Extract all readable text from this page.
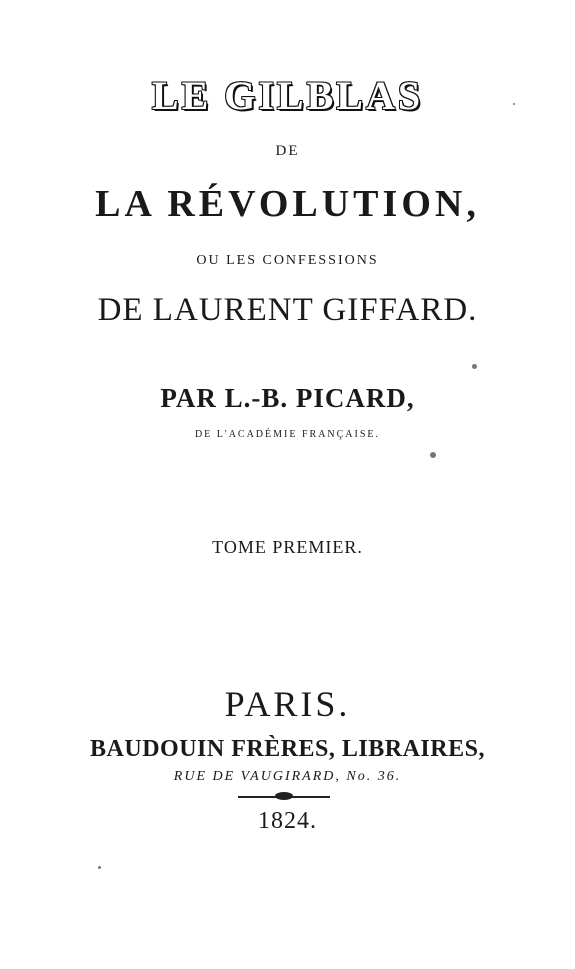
LE GILBLAS
DE
LA RÉVOLUTION,
OU LES CONFESSIONS
DE LAURENT GIFFARD.
PAR L.-B. PICARD,
DE L'ACADÉMIE FRANÇAISE.
TOME PREMIER.
PARIS.
BAUDOUIN FRÈRES, LIBRAIRES,
RUE DE VAUGIRARD, No. 36.
1824.
